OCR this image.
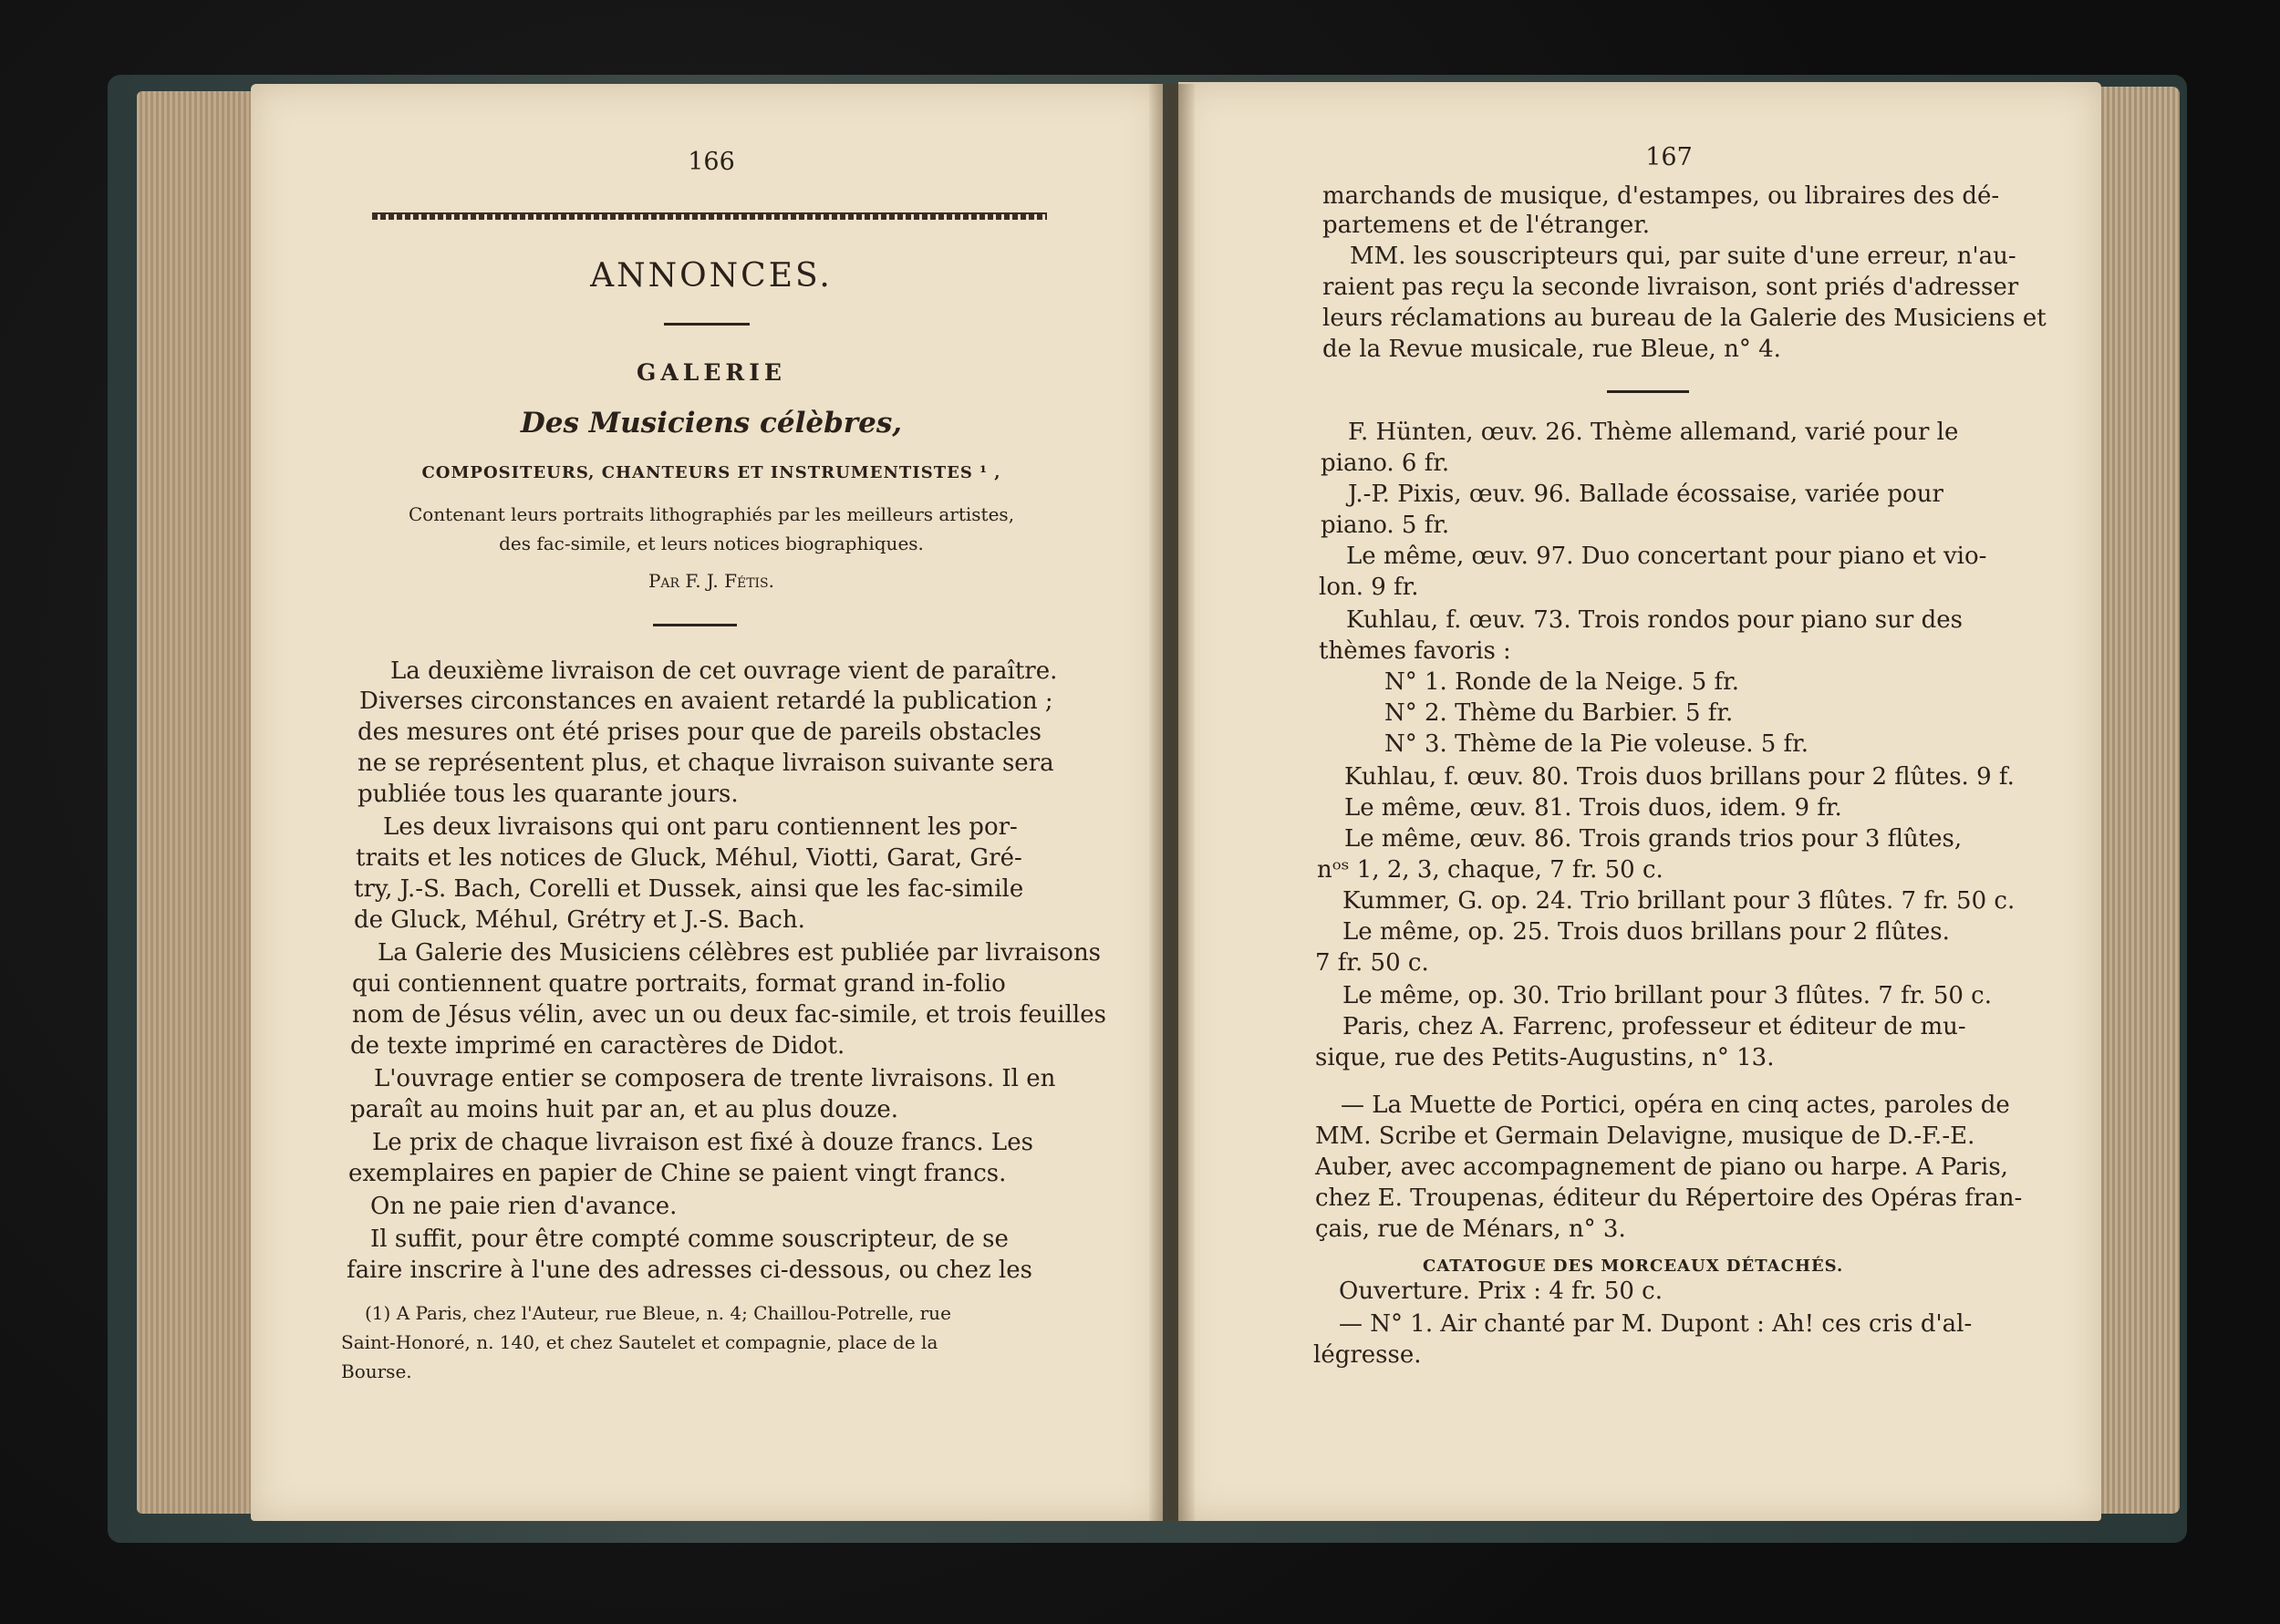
166
ANNONCES.
GALERIE
Des Musiciens célèbres,
COMPOSITEURS, CHANTEURS ET INSTRUMENTISTES ¹ ,
Contenant leurs portraits lithographiés par les meilleurs artistes,
des fac-simile, et leurs notices biographiques.
Par F. J. Fétis.
La deuxième livraison de cet ouvrage vient de paraître.
Diverses circonstances en avaient retardé la publication ;
des mesures ont été prises pour que de pareils obstacles
ne se représentent plus, et chaque livraison suivante sera
publiée tous les quarante jours.
Les deux livraisons qui ont paru contiennent les por-
traits et les notices de Gluck, Méhul, Viotti, Garat, Gré-
try, J.-S. Bach, Corelli et Dussek, ainsi que les fac-simile
de Gluck, Méhul, Grétry et J.-S. Bach.
La Galerie des Musiciens célèbres est publiée par livraisons
qui contiennent quatre portraits, format grand in-folio
nom de Jésus vélin, avec un ou deux fac-simile, et trois feuilles
de texte imprimé en caractères de Didot.
L'ouvrage entier se composera de trente livraisons. Il en
paraît au moins huit par an, et au plus douze.
Le prix de chaque livraison est fixé à douze francs. Les
exemplaires en papier de Chine se paient vingt francs.
On ne paie rien d'avance.
Il suffit, pour être compté comme souscripteur, de se
faire inscrire à l'une des adresses ci-dessous, ou chez les
(1) A Paris, chez l'Auteur, rue Bleue, n. 4; Chaillou-Potrelle, rue
Saint-Honoré, n. 140, et chez Sautelet et compagnie, place de la
Bourse.
167
marchands de musique, d'estampes, ou libraires des dé-
partemens et de l'étranger.
MM. les souscripteurs qui, par suite d'une erreur, n'au-
raient pas reçu la seconde livraison, sont priés d'adresser
leurs réclamations au bureau de la Galerie des Musiciens et
de la Revue musicale, rue Bleue, n° 4.
F. Hünten, œuv. 26. Thème allemand, varié pour le
piano. 6 fr.
J.-P. Pixis, œuv. 96. Ballade écossaise, variée pour
piano. 5 fr.
Le même, œuv. 97. Duo concertant pour piano et vio-
lon. 9 fr.
Kuhlau, f. œuv. 73. Trois rondos pour piano sur des
thèmes favoris :
N° 1. Ronde de la Neige. 5 fr.
N° 2. Thème du Barbier. 5 fr.
N° 3. Thème de la Pie voleuse. 5 fr.
Kuhlau, f. œuv. 80. Trois duos brillans pour 2 flûtes. 9 f.
Le même, œuv. 81. Trois duos, idem. 9 fr.
Le même, œuv. 86. Trois grands trios pour 3 flûtes,
nᵒˢ 1, 2, 3, chaque, 7 fr. 50 c.
Kummer, G. op. 24. Trio brillant pour 3 flûtes. 7 fr. 50 c.
Le même, op. 25. Trois duos brillans pour 2 flûtes.
7 fr. 50 c.
Le même, op. 30. Trio brillant pour 3 flûtes. 7 fr. 50 c.
Paris, chez A. Farrenc, professeur et éditeur de mu-
sique, rue des Petits-Augustins, n° 13.
— La Muette de Portici, opéra en cinq actes, paroles de
MM. Scribe et Germain Delavigne, musique de D.-F.-E.
Auber, avec accompagnement de piano ou harpe. A Paris,
chez E. Troupenas, éditeur du Répertoire des Opéras fran-
çais, rue de Ménars, n° 3.
CATATOGUE DES MORCEAUX DÉTACHÉS.
Ouverture. Prix : 4 fr. 50 c.
— N° 1. Air chanté par M. Dupont : Ah! ces cris d'al-
légresse.
